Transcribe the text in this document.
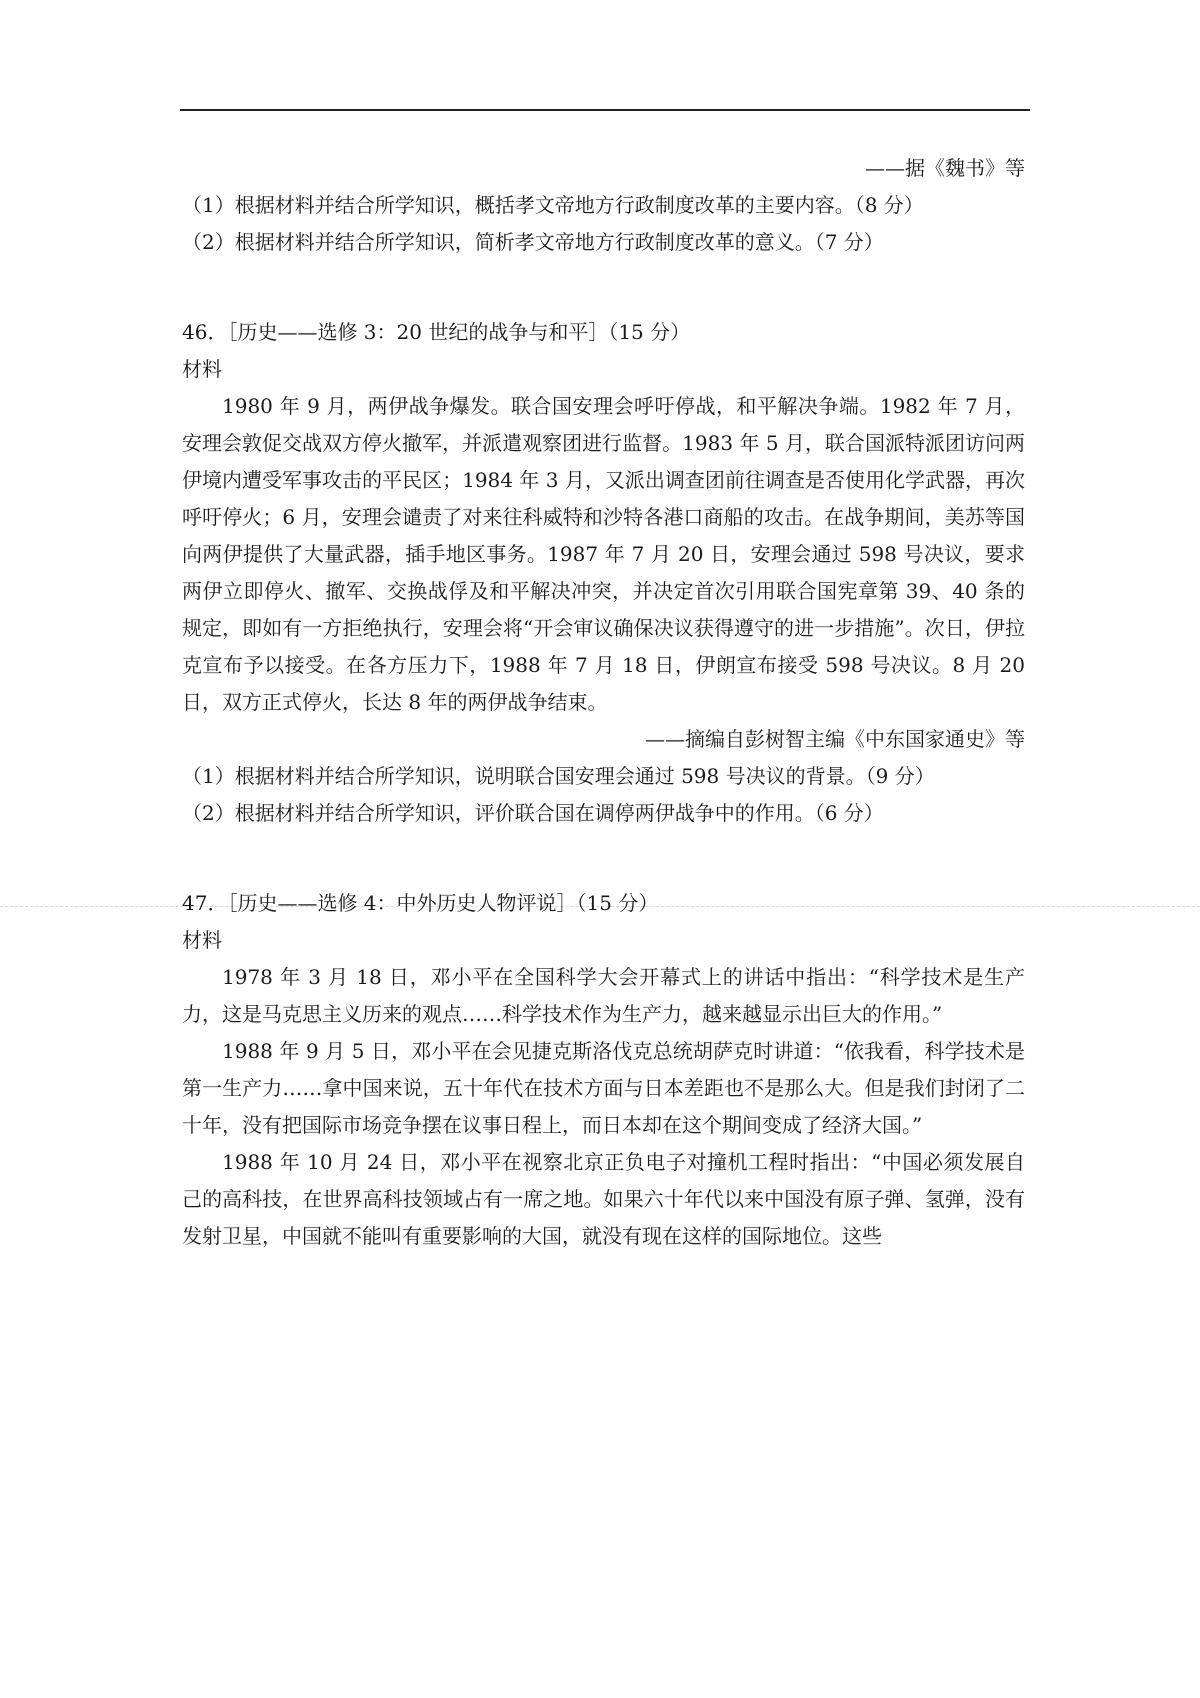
——据《魏书》等
（1）根据材料并结合所学知识，概括孝文帝地方行政制度改革的主要内容。（8 分）
（2）根据材料并结合所学知识，简析孝文帝地方行政制度改革的意义。（7 分）
46．［历史——选修 3：20 世纪的战争与和平］（15 分）
材料
1980 年 9 月，两伊战争爆发。联合国安理会呼吁停战，和平解决争端。1982 年 7 月，安理会敦促交战双方停火撤军，并派遣观察团进行监督。1983 年 5 月，联合国派特派团访问两伊境内遭受军事攻击的平民区；1984 年 3 月，又派出调查团前往调查是否使用化学武器，再次呼吁停火；6 月，安理会谴责了对来往科威特和沙特各港口商船的攻击。在战争期间，美苏等国向两伊提供了大量武器，插手地区事务。1987 年 7 月 20 日，安理会通过 598 号决议，要求两伊立即停火、撤军、交换战俘及和平解决冲突，并决定首次引用联合国宪章第 39、40 条的规定，即如有一方拒绝执行，安理会将“开会审议确保决议获得遵守的进一步措施”。次日，伊拉克宣布予以接受。在各方压力下，1988 年 7 月 18 日，伊朗宣布接受 598 号决议。8 月 20 日，双方正式停火，长达 8 年的两伊战争结束。
——摘编自彭树智主编《中东国家通史》等
（1）根据材料并结合所学知识，说明联合国安理会通过 598 号决议的背景。（9 分）
（2）根据材料并结合所学知识，评价联合国在调停两伊战争中的作用。（6 分）
47．［历史——选修 4：中外历史人物评说］（15 分）
材料
1978 年 3 月 18 日，邓小平在全国科学大会开幕式上的讲话中指出：“科学技术是生产力，这是马克思主义历来的观点……科学技术作为生产力，越来越显示出巨大的作用。”
1988 年 9 月 5 日，邓小平在会见捷克斯洛伐克总统胡萨克时讲道：“依我看，科学技术是第一生产力……拿中国来说，五十年代在技术方面与日本差距也不是那么大。但是我们封闭了二十年，没有把国际市场竞争摆在议事日程上，而日本却在这个期间变成了经济大国。”
1988 年 10 月 24 日，邓小平在视察北京正负电子对撞机工程时指出：“中国必须发展自己的高科技，在世界高科技领域占有一席之地。如果六十年代以来中国没有原子弹、氢弹，没有发射卫星，中国就不能叫有重要影响的大国，就没有现在这样的国际地位。这些
